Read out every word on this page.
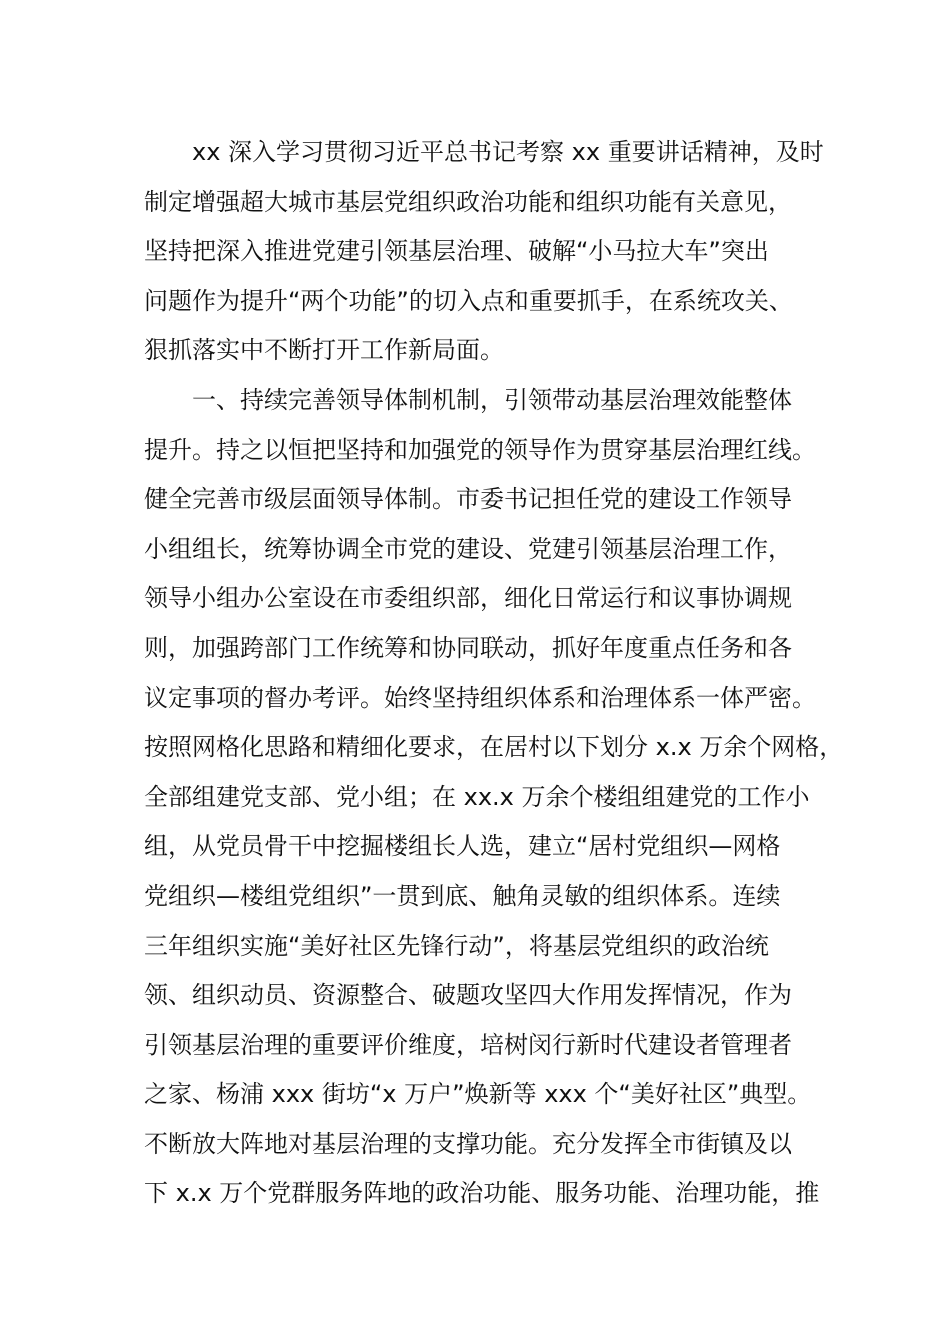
xx 深入学习贯彻习近平总书记考察 xx 重要讲话精神，及时
制定增强超大城市基层党组织政治功能和组织功能有关意见，
坚持把深入推进党建引领基层治理、破解“小马拉大车”突出
问题作为提升“两个功能”的切入点和重要抓手，在系统攻关、
狠抓落实中不断打开工作新局面。
一、持续完善领导体制机制，引领带动基层治理效能整体
提升。持之以恒把坚持和加强党的领导作为贯穿基层治理红线。
健全完善市级层面领导体制。市委书记担任党的建设工作领导
小组组长，统筹协调全市党的建设、党建引领基层治理工作，
领导小组办公室设在市委组织部，细化日常运行和议事协调规
则，加强跨部门工作统筹和协同联动，抓好年度重点任务和各
议定事项的督办考评。始终坚持组织体系和治理体系一体严密。
按照网格化思路和精细化要求，在居村以下划分 x.x 万余个网格，
全部组建党支部、党小组；在 xx.x 万余个楼组组建党的工作小
组，从党员骨干中挖掘楼组长人选，建立“居村党组织—网格
党组织—楼组党组织”一贯到底、触角灵敏的组织体系。连续
三年组织实施“美好社区先锋行动”，将基层党组织的政治统
领、组织动员、资源整合、破题攻坚四大作用发挥情况，作为
引领基层治理的重要评价维度，培树闵行新时代建设者管理者
之家、杨浦 xxx 街坊“x 万户”焕新等 xxx 个“美好社区”典型。
不断放大阵地对基层治理的支撑功能。充分发挥全市街镇及以
下 x.x 万个党群服务阵地的政治功能、服务功能、治理功能，推
